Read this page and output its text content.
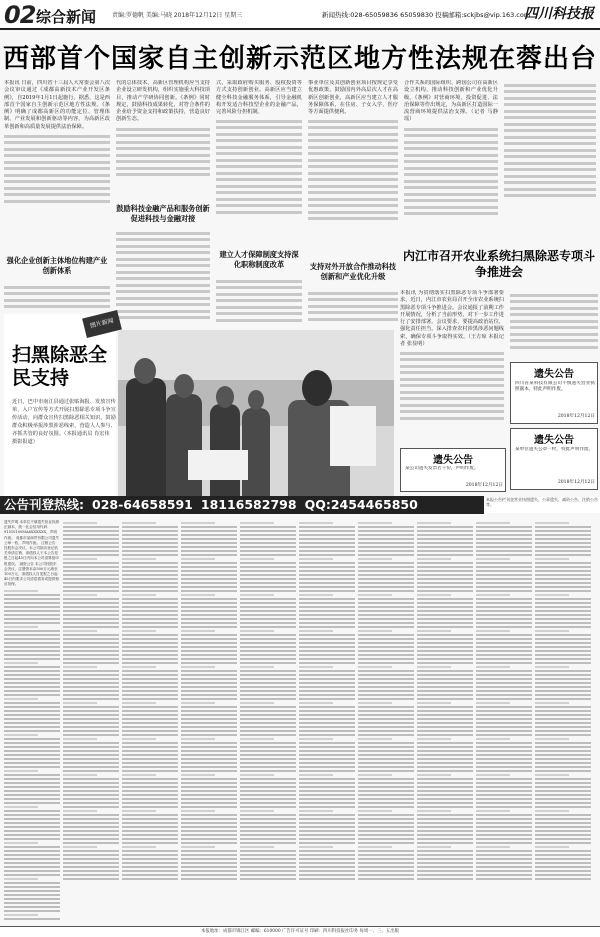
02 综合新闻	责编:罗德帆 美编:马晓 2018年12月12日 星期三	新闻热线:028-65059836 65059830 投稿邮箱:sckjbs@vip.163.com
四川科技报
西部首个国家自主创新示范区地方性法规在蓉出台
本报讯 日前，四川省十三届人大常委会第八次会议审议通过《成都高新技术产业开发区条例》，自2019年1月1日起施行。据悉，这是西部首个国家自主创新示范区地方性法规。《条例》明确了成都高新区的功能定位、管理体制、产业发展和创新驱动等内容，为高新区改革创新和高质量发展提供法治保障。
强化企业创新主体地位构建产业创新体系
代的总体技术，高新区管理机构应当支持企业设立研发机构，组织实施重大科技项目，推动产学研协同创新。《条例》同时规定，鼓励科技成果转化，对符合条件的企业给予资金支持和政策扶持，营造良好创新生态。
鼓励科技金融产品和服务创新促进科技与金融对接
式，采取政府购买服务、股权投资等方式支持创新创业。高新区应当建立健全科技金融服务体系，引导金融机构开发适合科技型企业的金融产品，完善风险分担机制。
建立人才保障制度支持深化职称制度改革
事业单位及其创新创业项目按规定享受优惠政策。鼓励国内外高层次人才在高新区创新创业，高新区应当建立人才服务保障体系，在住房、子女入学、医疗等方面提供便利。
支持对外开放合作推动科技创新和产业优化升级
合作关系的国际组织、跨国公司在高新区设立机构，推动科技创新和产业优化升级。《条例》对营商环境、投资促进、法治保障等作出规定，为高新区打造国际一流营商环境提供法治支撑。（记者 马静瑶）
内江市召开农业系统扫黑除恶专项斗争推进会
本报讯 为贯彻落实扫黑除恶专项斗争部署要求，近日，内江市农业局召开全市农业系统扫黑除恶专项斗争推进会。会议通报了前期工作开展情况，分析了当前形势，对下一步工作进行了安排部署。会议要求，要提高政治站位，强化责任担当，深入排查农村涉黑涉恶问题线索，确保专项斗争取得实效。（王方琼 本报记者 张显明）
遗失公告
四川省某科技有限公司不慎遗失营业执照副本，特此声明作废。
2018年12月12日
遗失公告
某单位遗失公章一枚，特此声明作废。
2018年12月12日
遗失公告
某公司遗失发票若干份，声明作废。
2018年12月12日
图片新闻
扫黑除恶全民支持
近日，巴中市南江县通过张贴海报、发放宣传单、入户宣传等方式开展扫黑除恶专项斗争宣传活动，向群众宣传扫黑除恶相关知识，鼓励群众积极举报涉黑涉恶线索，营造人人参与、齐抓共管的良好氛围。（本报通讯员 肖宏伟 摄影报道）
公告刊登热线: 028-64658591 18116582798 QQ:2454465850	本报公告栏刊登营业执照遗失、公章遗失、减资公告、注销公告等。
遗失声明 本单位不慎遗失营业执照正副本，统一社会信用代码：91510100MA6XXXXXX，声明作废。 成都市某商贸有限公司遗失公章一枚，声明作废。 注销公告 经股东会决议，本公司拟向登记机关申请注销，请债权人于本公告见报之日起45日内向本公司清算组申报债权。 减资公告 本公司经股东会决议，注册资本由500万元减至100万元，请债权人自见报之日起45日内要求公司清偿债务或提供相应担保。
本报地址：成都市锦江区 邮编：610000 广告许可证号 印刷：四川科技报社印务 每周一、三、五出版
